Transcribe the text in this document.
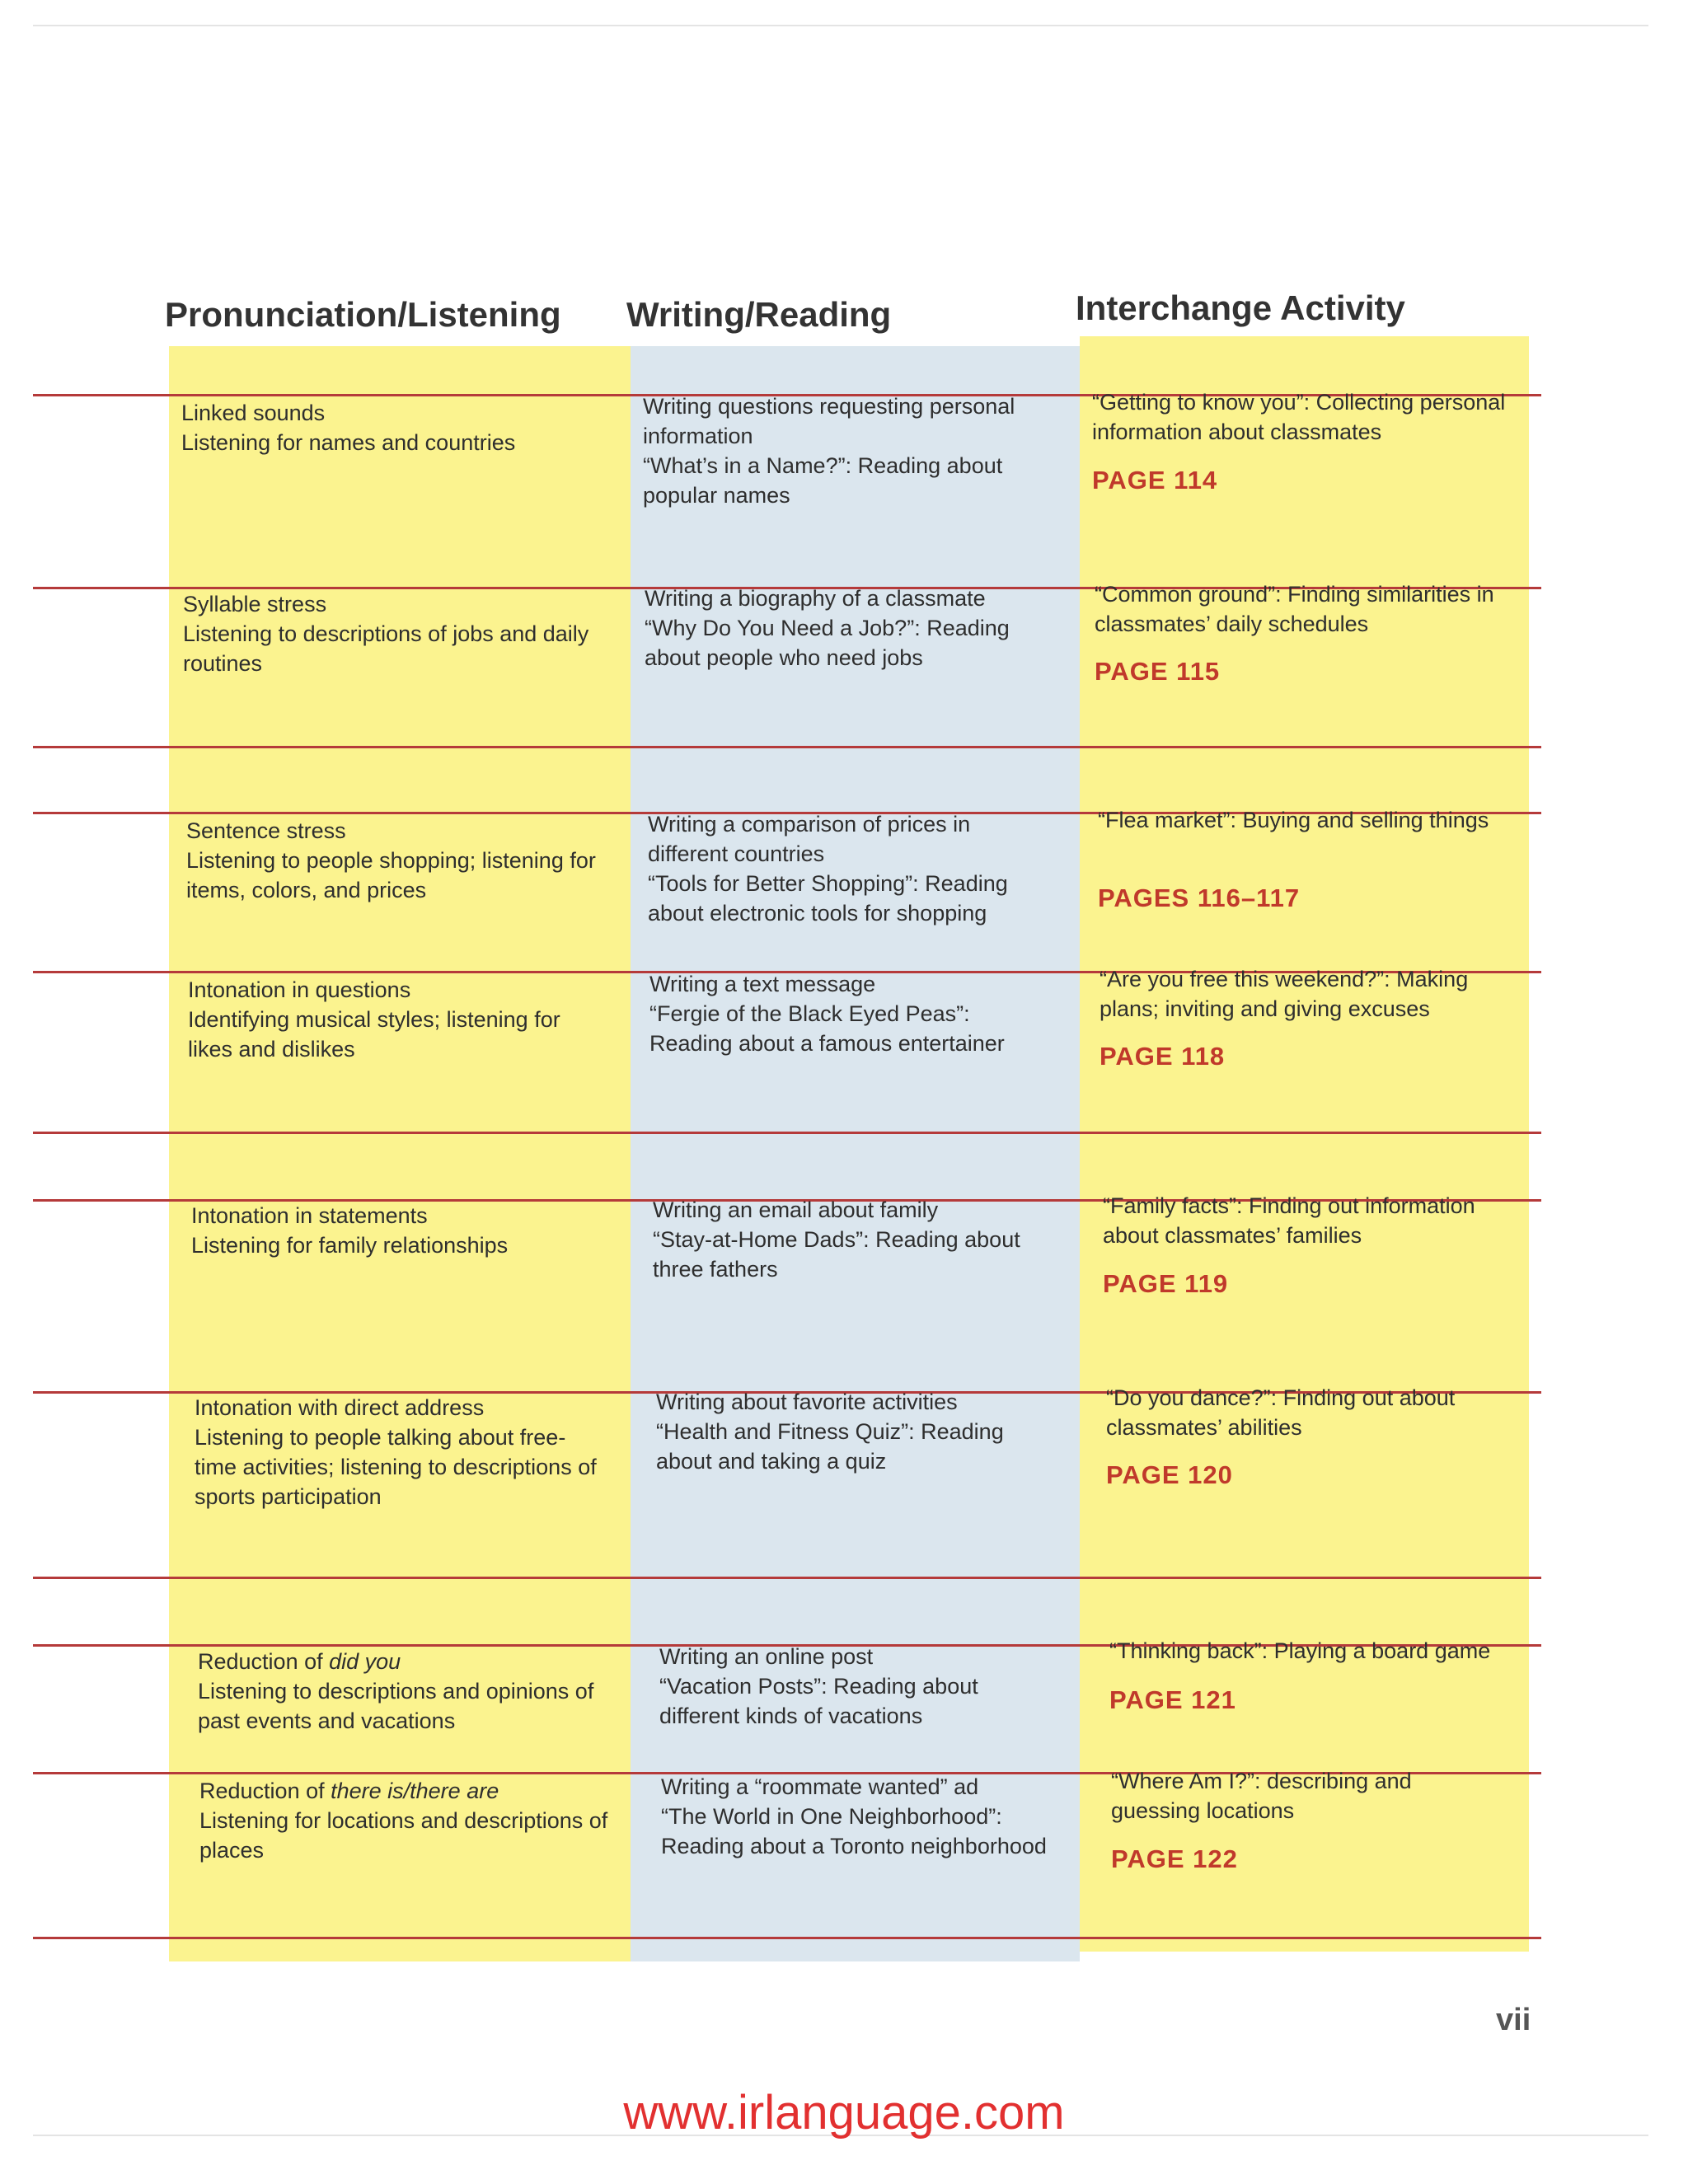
Pronunciation/Listening Writing/Reading	Interchange Activity
Linked sounds
Listening for names and countries
Writing questions requesting personal information
“What’s in a Name?”: Reading about popular names
“Getting to know you”: Collecting personal information about classmates
PAGE 114
Syllable stress
Listening to descriptions of jobs and daily routines
Writing a biography of a classmate
“Why Do You Need a Job?”: Reading about people who need jobs
“Common ground”: Finding similarities in classmates’ daily schedules
PAGE 115
Sentence stress
Listening to people shopping; listening for items, colors, and prices
Writing a comparison of prices in different countries
“Tools for Better Shopping”: Reading about electronic tools for shopping
“Flea market”: Buying and selling things
PAGES 116–117
Intonation in questions
Identifying musical styles; listening for likes and dislikes
Writing a text message
“Fergie of the Black Eyed Peas”: Reading about a famous entertainer
“Are you free this weekend?”: Making plans; inviting and giving excuses
PAGE 118
Intonation in statements
Listening for family relationships
Writing an email about family
“Stay-at-Home Dads”: Reading about three fathers
“Family facts”: Finding out information about classmates’ families
PAGE 119
Intonation with direct address
Listening to people talking about free-time activities; listening to descriptions of sports participation
Writing about favorite activities
“Health and Fitness Quiz”: Reading about and taking a quiz
“Do you dance?”: Finding out about classmates’ abilities
PAGE 120
Reduction of did you
Listening to descriptions and opinions of past events and vacations
Writing an online post
“Vacation Posts”: Reading about different kinds of vacations
“Thinking back”: Playing a board game
PAGE 121
Reduction of there is/there are
Listening for locations and descriptions of places
Writing a “roommate wanted” ad
“The World in One Neighborhood”: Reading about a Toronto neighborhood
“Where Am I?”: describing and guessing locations
PAGE 122
vii
www.irlanguage.com
